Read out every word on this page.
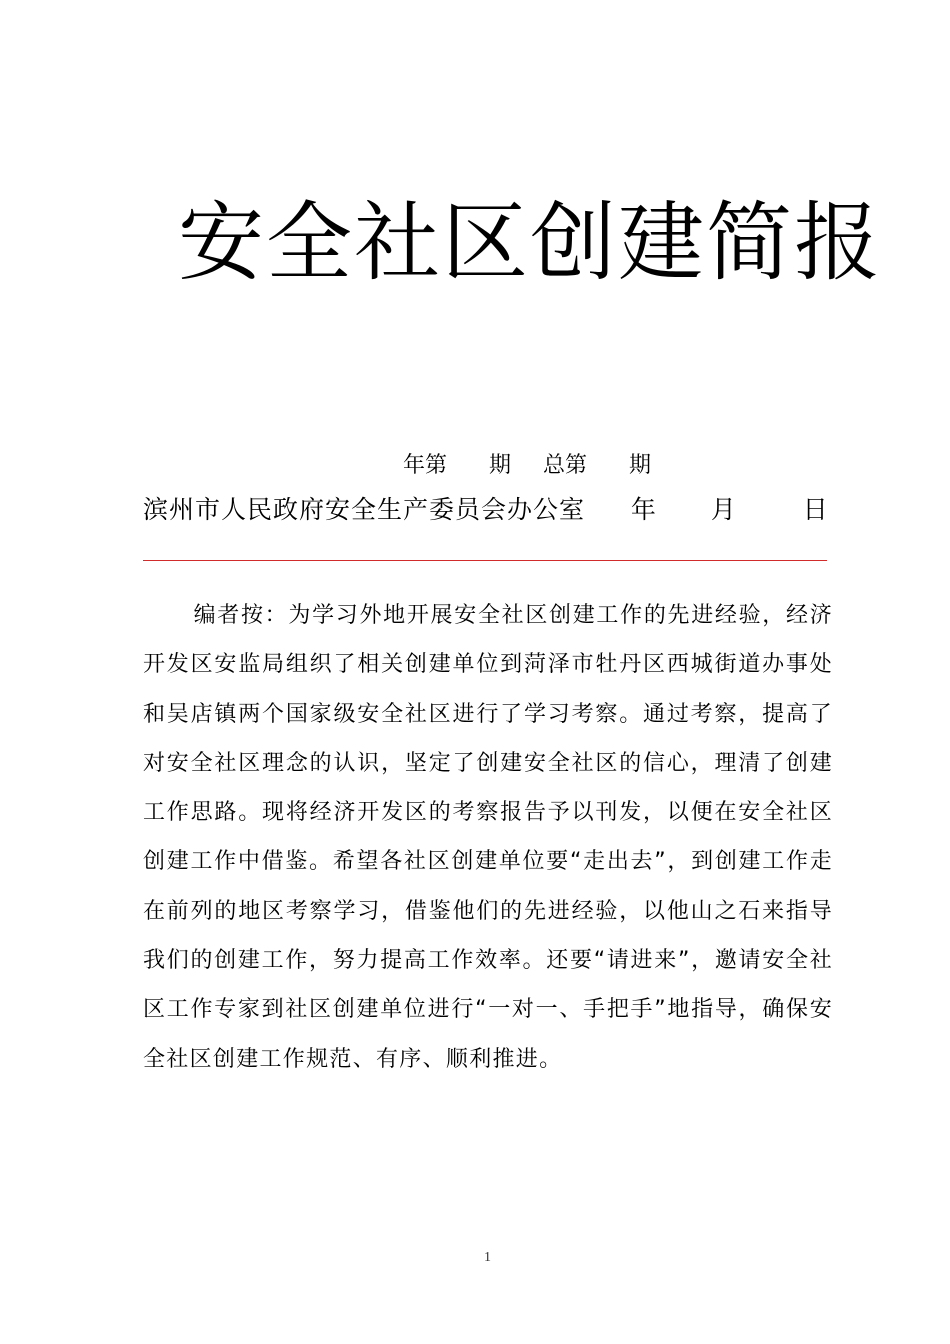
安全社区创建简报
年第 期 总第 期
滨州市人民政府安全生产委员会办公室 年 月	日

编者按：为学习外地开展安全社区创建工作的先进经验，经济开发区安监局组织了相关创建单位到菏泽市牡丹区西城街道办事处和吴店镇两个国家级安全社区进行了学习考察。通过考察，提高了对安全社区理念的认识，坚定了创建安全社区的信心，理清了创建工作思路。现将经济开发区的考察报告予以刊发，以便在安全社区创建工作中借鉴。希望各社区创建单位要“走出去”，到创建工作走在前列的地区考察学习，借鉴他们的先进经验，以他山之石来指导我们的创建工作，努力提高工作效率。还要“请进来”，邀请安全社区工作专家到社区创建单位进行“一对一、手把手”地指导，确保安全社区创建工作规范、有序、顺利推进。

1
